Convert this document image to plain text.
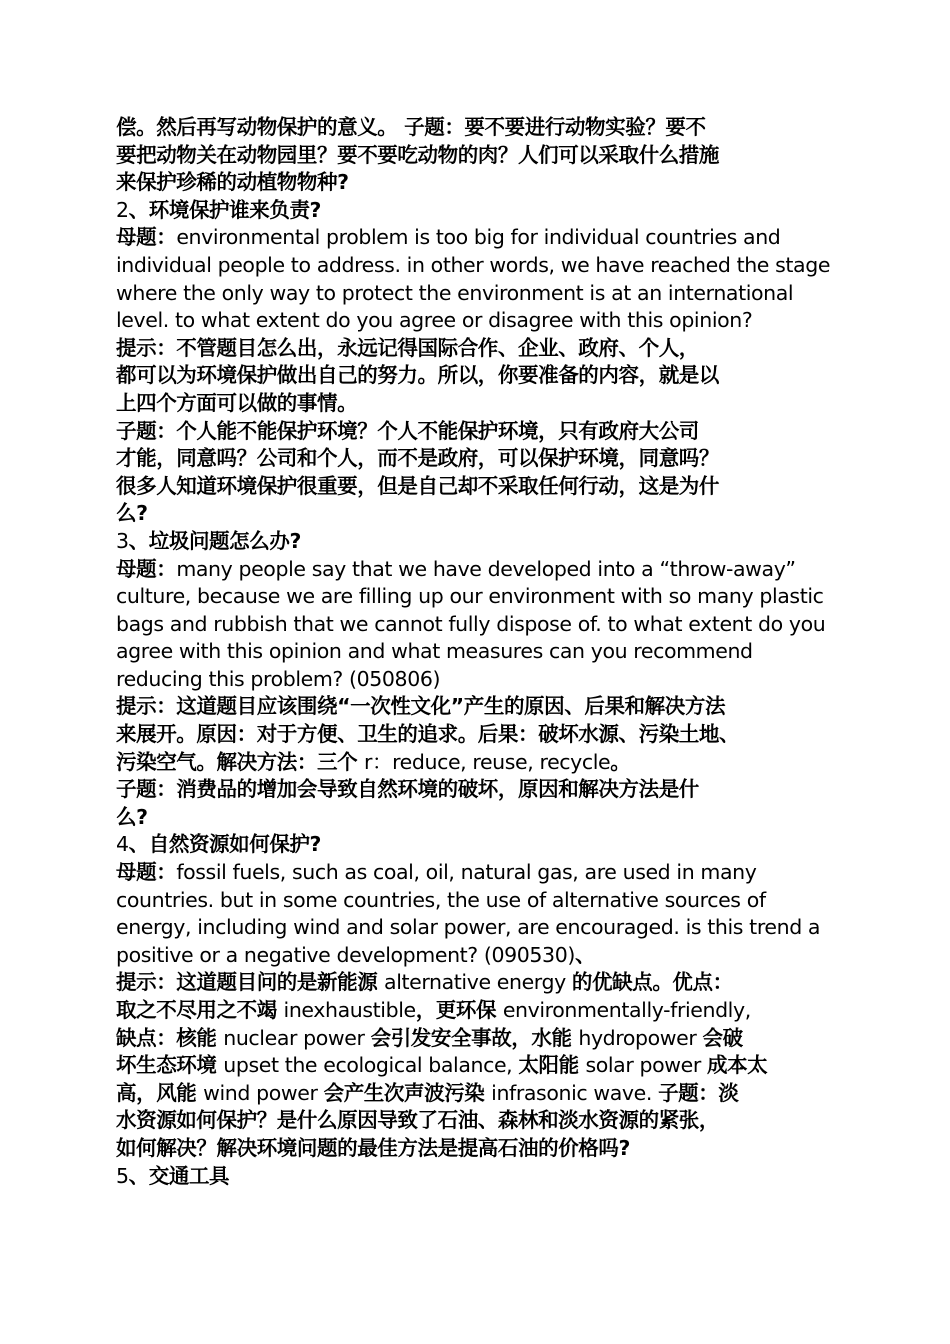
偿。然后再写动物保护的意义。 子题：要不要进行动物实验？要不
要把动物关在动物园里？要不要吃动物的肉？人们可以采取什么措施
来保护珍稀的动植物物种?

2、环境保护谁来负责?

母题：environmental problem is too big for individual countries and individual people to address. in other words, we have reached the stage where the only way to protect the environment is at an international level. to what extent do you agree or disagree with this opinion?

提示：不管题目怎么出，永远记得国际合作、企业、政府、个人，
都可以为环境保护做出自己的努力。所以，你要准备的内容，就是以
上四个方面可以做的事情。

子题：个人能不能保护环境？个人不能保护环境，只有政府大公司
才能，同意吗？公司和个人，而不是政府，可以保护环境，同意吗？
很多人知道环境保护很重要，但是自己却不采取任何行动，这是为什
么?

3、垃圾问题怎么办?

母题：many people say that we have developed into a “throw-away” culture, because we are filling up our environment with so many plastic bags and rubbish that we cannot fully dispose of. to what extent do you agree with this opinion and what measures can you recommend reducing this problem? (050806)

提示：这道题目应该围绕“一次性文化”产生的原因、后果和解决方法
来展开。原因：对于方便、卫生的追求。后果：破坏水源、污染土地、
污染空气。解决方法：三个 r：reduce, reuse, recycle。

子题：消费品的增加会导致自然环境的破坏，原因和解决方法是什
么?

4、自然资源如何保护?

母题：fossil fuels, such as coal, oil, natural gas, are used in many countries. but in some countries, the use of alternative sources of energy, including wind and solar power, are encouraged. is this trend a positive or a negative development? (090530)、

提示：这道题目问的是新能源 alternative energy 的优缺点。优点：
取之不尽用之不竭 inexhaustible，更环保 environmentally-friendly,
缺点：核能 nuclear power 会引发安全事故，水能 hydropower 会破
坏生态环境 upset the ecological balance, 太阳能 solar power 成本太
高，风能 wind power 会产生次声波污染 infrasonic wave. 子题：淡
水资源如何保护？是什么原因导致了石油、森林和淡水资源的紧张，
如何解决？解决环境问题的最佳方法是提高石油的价格吗?

5、交通工具
